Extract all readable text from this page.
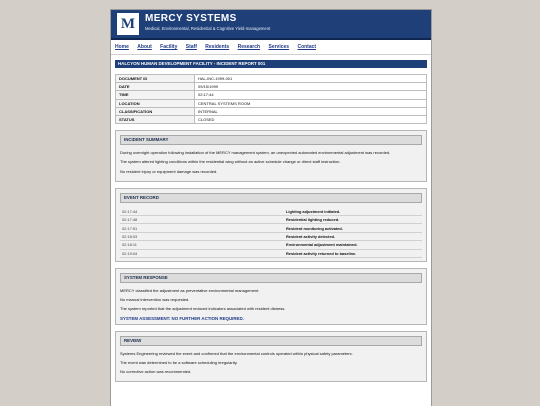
M MERCY SYSTEMS
Medical, Environmental, Residential & Cognitive Yield-management
Home About Facility Staff Residents Research Services Contact
HALCYON HUMAN DEVELOPMENT FACILITY - INCIDENT REPORT 001
DOCUMENT ID	HAL-INC-1999-001
DATE	09/15/1999
TIME	02:17:44
LOCATION	CENTRAL SYSTEMS ROOM
CLASSIFICATION	INTERNAL
STATUS	CLOSED
INCIDENT SUMMARY

During overnight operation following installation of the MERCY management system, an unexpected automated environmental adjustment was recorded.

The system altered lighting conditions within the residential wing without an active schedule change or direct staff instruction.

No resident injury or equipment damage was recorded.

EVENT RECORD
02:17:44	Lighting adjustment initiated.
02:17:48	Residential lighting reduced.
02:17:51	Resident monitoring activated.
02:18:03	Resident activity detected.
02:18:11	Environmental adjustment maintained.
02:19:04	Resident activity returned to baseline.
SYSTEM RESPONSE

MERCY classified the adjustment as preventative environmental management.

No manual intervention was requested.

The system reported that the adjustment reduced indicators associated with resident distress.

SYSTEM ASSESSMENT: NO FURTHER ACTION REQUIRED.
REVIEW

Systems Engineering reviewed the event and confirmed that the environmental controls operated within physical safety parameters.

The event was determined to be a software scheduling irregularity.

No corrective action was recommended.
